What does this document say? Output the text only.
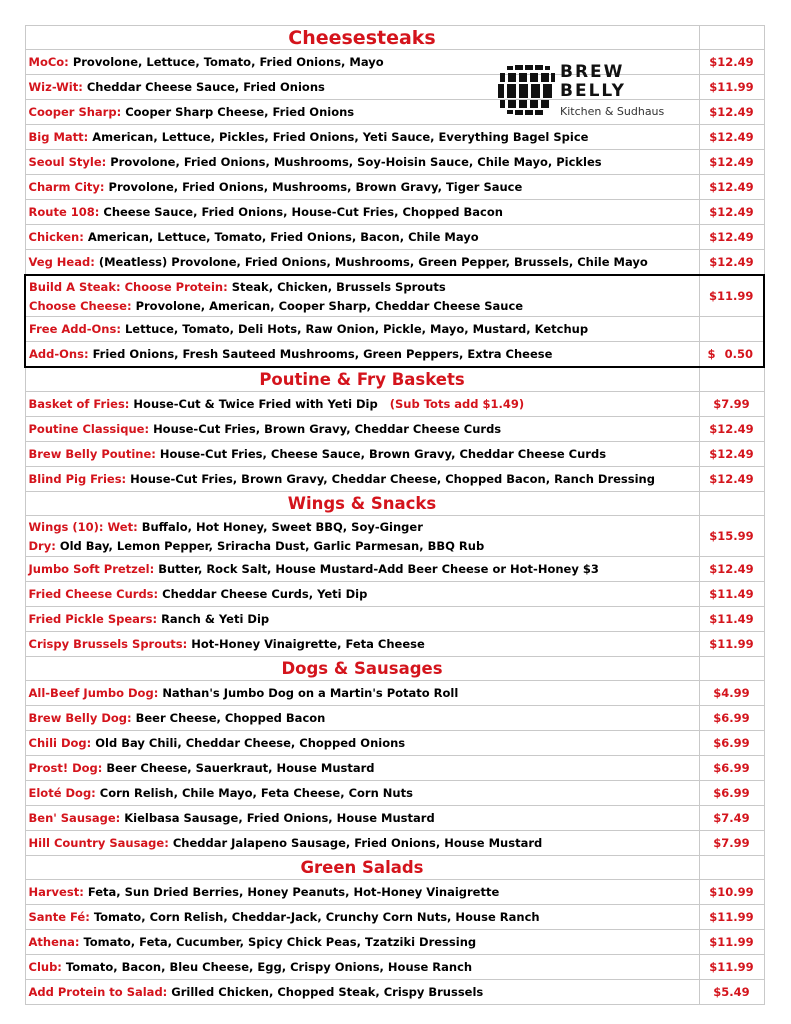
Cheesesteaks	
MoCo: Provolone, Lettuce, Tomato, Fried Onions, Mayo	$12.49
Wiz-Wit: Cheddar Cheese Sauce, Fried Onions	$11.99
Cooper Sharp: Cooper Sharp Cheese, Fried Onions	$12.49
Big Matt: American, Lettuce, Pickles, Fried Onions, Yeti Sauce, Everything Bagel Spice	$12.49
Seoul Style: Provolone, Fried Onions, Mushrooms, Soy-Hoisin Sauce, Chile Mayo, Pickles	$12.49
Charm City: Provolone, Fried Onions, Mushrooms, Brown Gravy, Tiger Sauce	$12.49
Route 108: Cheese Sauce, Fried Onions, House-Cut Fries, Chopped Bacon	$12.49
Chicken: American, Lettuce, Tomato, Fried Onions, Bacon, Chile Mayo	$12.49
Veg Head: (Meatless) Provolone, Fried Onions, Mushrooms, Green Pepper, Brussels, Chile Mayo	$12.49

Build A Steak: Choose Protein: Steak, Chicken, Brussels Sprouts
Choose Cheese: Provolone, American, Cooper Sharp, Cheddar Cheese Sauce	$11.99
Free Add-Ons: Lettuce, Tomato, Deli Hots, Raw Onion, Pickle, Mayo, Mustard, Ketchup	
Add-Ons: Fried Onions, Fresh Sauteed Mushrooms, Green Peppers, Extra Cheese	$ 0.50

Poutine & Fry Baskets	
Basket of Fries: House-Cut & Twice Fried with Yeti Dip (Sub Tots add $1.49)	$7.99
Poutine Classique: House-Cut Fries, Brown Gravy, Cheddar Cheese Curds	$12.49
Brew Belly Poutine: House-Cut Fries, Cheese Sauce, Brown Gravy, Cheddar Cheese Curds	$12.49
Blind Pig Fries: House-Cut Fries, Brown Gravy, Cheddar Cheese, Chopped Bacon, Ranch Dressing	$12.49
Wings & Snacks	

Wings (10): Wet: Buffalo, Hot Honey, Sweet BBQ, Soy-Ginger
Dry: Old Bay, Lemon Pepper, Sriracha Dust, Garlic Parmesan, BBQ Rub	$15.99
Jumbo Soft Pretzel: Butter, Rock Salt, House Mustard-Add Beer Cheese or Hot-Honey $3	$12.49
Fried Cheese Curds: Cheddar Cheese Curds, Yeti Dip	$11.49
Fried Pickle Spears: Ranch & Yeti Dip	$11.49
Crispy Brussels Sprouts: Hot-Honey Vinaigrette, Feta Cheese	$11.99
Dogs & Sausages	
All-Beef Jumbo Dog: Nathan's Jumbo Dog on a Martin's Potato Roll	$4.99
Brew Belly Dog: Beer Cheese, Chopped Bacon	$6.99
Chili Dog: Old Bay Chili, Cheddar Cheese, Chopped Onions	$6.99
Prost! Dog: Beer Cheese, Sauerkraut, House Mustard	$6.99
Eloté Dog: Corn Relish, Chile Mayo, Feta Cheese, Corn Nuts	$6.99
Ben' Sausage: Kielbasa Sausage, Fried Onions, House Mustard	$7.49
Hill Country Sausage: Cheddar Jalapeno Sausage, Fried Onions, House Mustard	$7.99
Green Salads	
Harvest: Feta, Sun Dried Berries, Honey Peanuts, Hot-Honey Vinaigrette	$10.99
Sante Fé: Tomato, Corn Relish, Cheddar-Jack, Crunchy Corn Nuts, House Ranch	$11.99
Athena: Tomato, Feta, Cucumber, Spicy Chick Peas, Tzatziki Dressing	$11.99
Club: Tomato, Bacon, Bleu Cheese, Egg, Crispy Onions, House Ranch	$11.99
Add Protein to Salad: Grilled Chicken, Chopped Steak, Crispy Brussels	$5.49
BREW
BELLY
Kitchen & Sudhaus
